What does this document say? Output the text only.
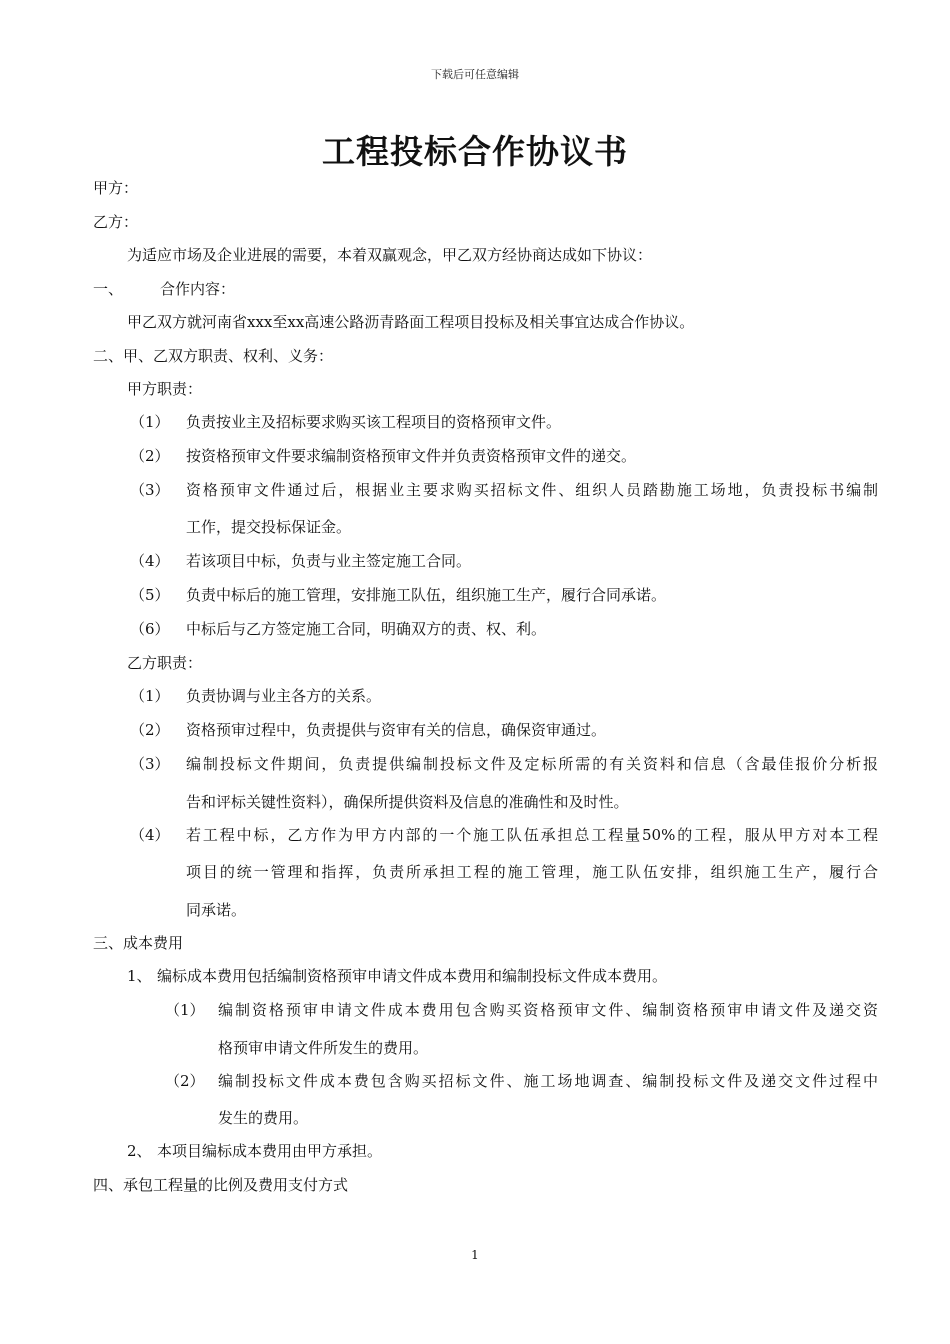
下载后可任意编辑
工程投标合作协议书
甲方：
乙方：
为适应市场及企业进展的需要，本着双赢观念，甲乙双方经协商达成如下协议：
一、 合作内容：
甲乙双方就河南省xxx至xx高速公路沥青路面工程项目投标及相关事宜达成合作协议。
二、甲、乙双方职责、权利、义务：
甲方职责：
（1） 负责按业主及招标要求购买该工程项目的资格预审文件。
（2） 按资格预审文件要求编制资格预审文件并负责资格预审文件的递交。
（3） 资格预审文件通过后，根据业主要求购买招标文件、组织人员踏勘施工场地，负责投标书编制
工作，提交投标保证金。
（4） 若该项目中标，负责与业主签定施工合同。
（5） 负责中标后的施工管理，安排施工队伍，组织施工生产，履行合同承诺。
（6） 中标后与乙方签定施工合同，明确双方的责、权、利。
乙方职责：
（1） 负责协调与业主各方的关系。
（2） 资格预审过程中，负责提供与资审有关的信息，确保资审通过。
（3） 编制投标文件期间，负责提供编制投标文件及定标所需的有关资料和信息（含最佳报价分析报
告和评标关键性资料），确保所提供资料及信息的准确性和及时性。
（4） 若工程中标，乙方作为甲方内部的一个施工队伍承担总工程量50%的工程，服从甲方对本工程
项目的统一管理和指挥，负责所承担工程的施工管理，施工队伍安排，组织施工生产，履行合
同承诺。
三、成本费用
1、 编标成本费用包括编制资格预审申请文件成本费用和编制投标文件成本费用。
（1） 编制资格预审申请文件成本费用包含购买资格预审文件、编制资格预审申请文件及递交资
格预审申请文件所发生的费用。
（2） 编制投标文件成本费包含购买招标文件、施工场地调查、编制投标文件及递交文件过程中
发生的费用。
2、 本项目编标成本费用由甲方承担。
四、承包工程量的比例及费用支付方式
1
